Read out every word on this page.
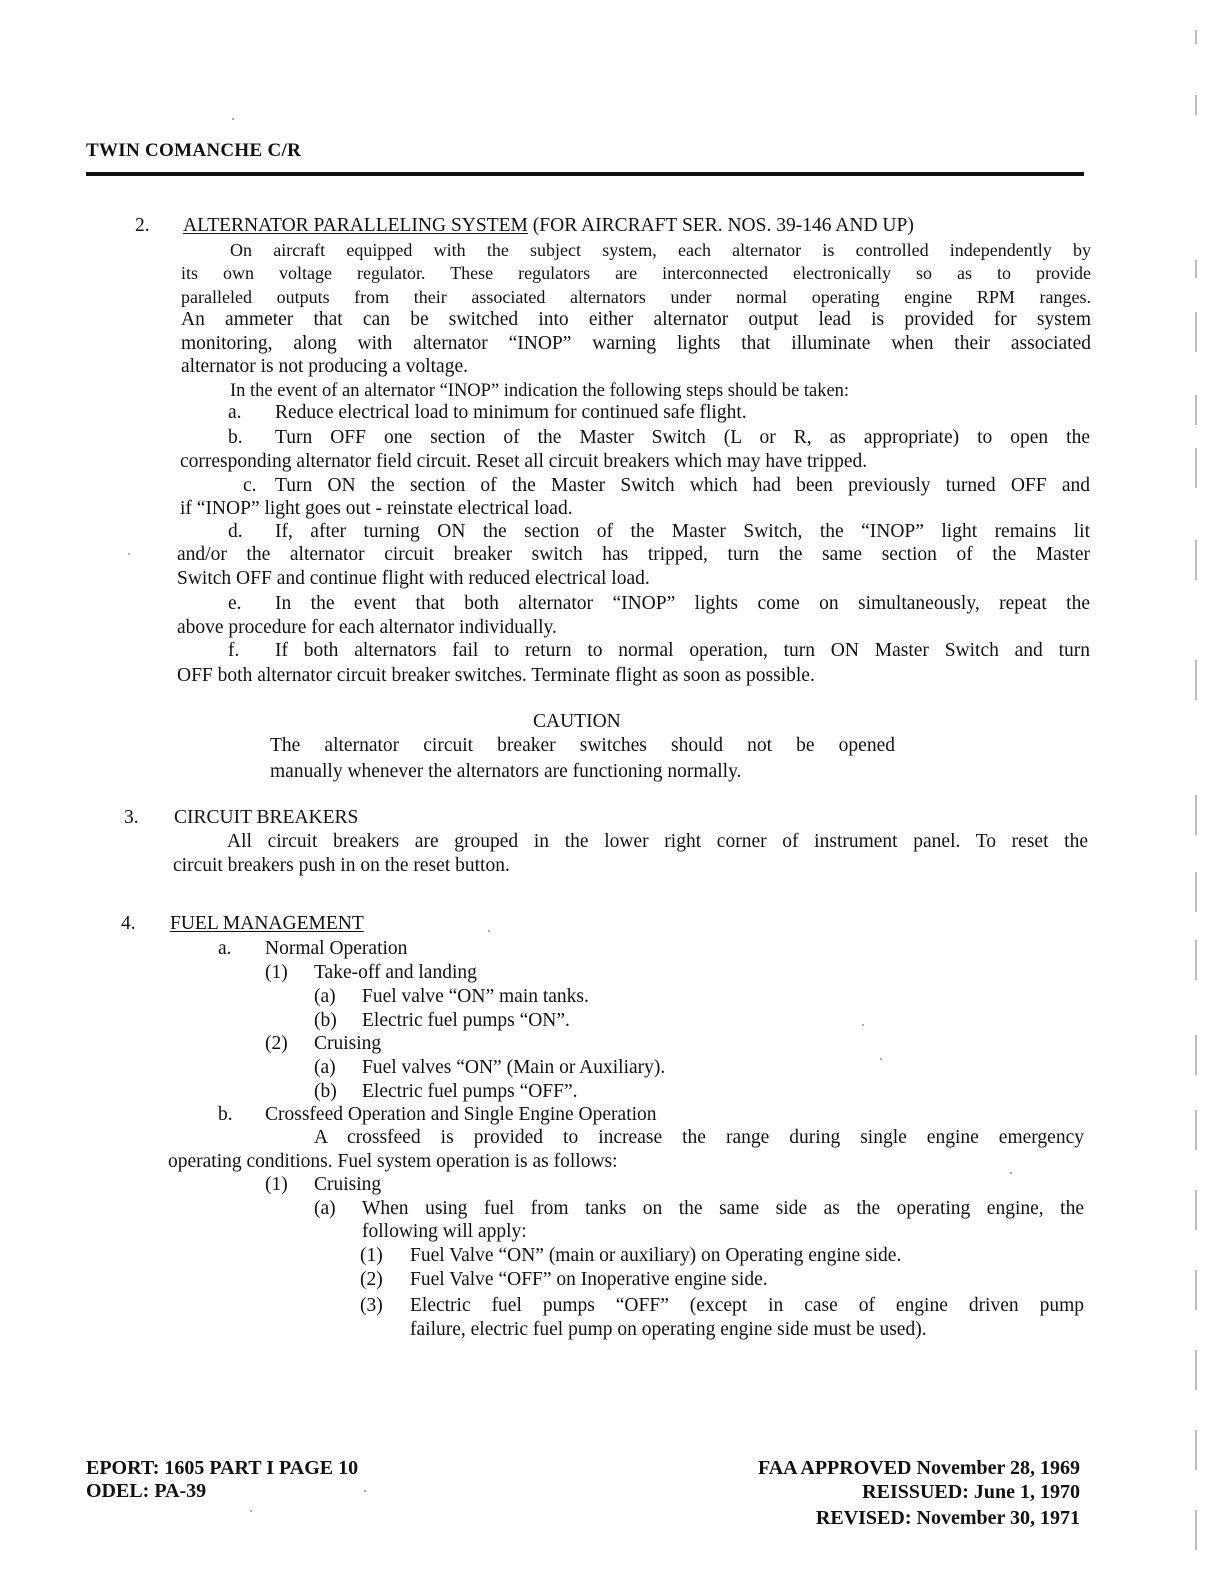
TWIN COMANCHE C/R
2. ALTERNATOR PARALLELING SYSTEM (FOR AIRCRAFT SER. NOS. 39-146 AND UP)
On aircraft equipped with the subject system, each alternator is controlled independently by
its own voltage regulator. These regulators are interconnected electronically so as to provide
paralleled outputs from their associated alternators under normal operating engine RPM ranges.
An ammeter that can be switched into either alternator output lead is provided for system
monitoring, along with alternator “INOP” warning lights that illuminate when their associated
alternator is not producing a voltage.
In the event of an alternator “INOP” indication the following steps should be taken:
a. Reduce electrical load to minimum for continued safe flight.
b. Turn OFF one section of the Master Switch (L or R, as appropriate) to open the
corresponding alternator field circuit. Reset all circuit breakers which may have tripped.
c. Turn ON the section of the Master Switch which had been previously turned OFF and
if “INOP” light goes out - reinstate electrical load.
d. If, after turning ON the section of the Master Switch, the “INOP” light remains lit
and/or the alternator circuit breaker switch has tripped, turn the same section of the Master
Switch OFF and continue flight with reduced electrical load.
e. In the event that both alternator “INOP” lights come on simultaneously, repeat the
above procedure for each alternator individually.
f. If both alternators fail to return to normal operation, turn ON Master Switch and turn
OFF both alternator circuit breaker switches. Terminate flight as soon as possible.
CAUTION
The alternator circuit breaker switches should not be opened
manually whenever the alternators are functioning normally.
3. CIRCUIT BREAKERS
All circuit breakers are grouped in the lower right corner of instrument panel. To reset the
circuit breakers push in on the reset button.
4. FUEL MANAGEMENT
a. Normal Operation
(1) Take-off and landing
(a) Fuel valve “ON” main tanks.
(b) Electric fuel pumps “ON”.
(2) Cruising
(a) Fuel valves “ON” (Main or Auxiliary).
(b) Electric fuel pumps “OFF”.
b. Crossfeed Operation and Single Engine Operation
A crossfeed is provided to increase the range during single engine emergency
operating conditions. Fuel system operation is as follows:
(1) Cruising
(a) When using fuel from tanks on the same side as the operating engine, the
following will apply:
(1) Fuel Valve “ON” (main or auxiliary) on Operating engine side.
(2) Fuel Valve “OFF” on Inoperative engine side.
(3) Electric fuel pumps “OFF” (except in case of engine driven pump
failure, electric fuel pump on operating engine side must be used).
EPORT: 1605 PART I PAGE 10
ODEL: PA-39
FAA APPROVED November 28, 1969
REISSUED: June 1, 1970
REVISED: November 30, 1971
